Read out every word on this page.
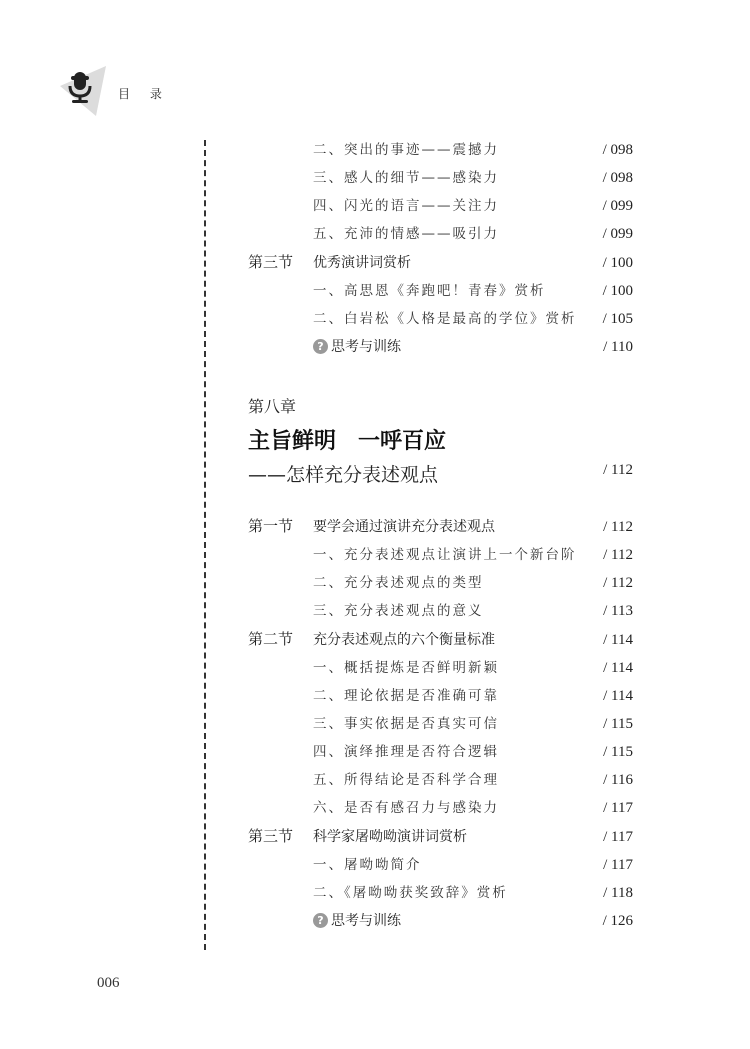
目 录
二、突出的事迹——震撼力	/ 098
三、感人的细节——感染力	/ 098
四、闪光的语言——关注力	/ 099
五、充沛的情感——吸引力	/ 099
第三节 优秀演讲词赏析	/ 100
一、高思恩《奔跑吧！青春》赏析	/ 100
二、白岩松《人格是最高的学位》赏析 / 105
? 思考与训练	/ 110
第八章
主旨鲜明　一呼百应
——怎样充分表述观点	/ 112
第一节 要学会通过演讲充分表述观点	/ 112
一、充分表述观点让演讲上一个新台阶 / 112
二、充分表述观点的类型	/ 112
三、充分表述观点的意义	/ 113
第二节 充分表述观点的六个衡量标准	/ 114
一、概括提炼是否鲜明新颖	/ 114
二、理论依据是否准确可靠	/ 114
三、事实依据是否真实可信	/ 115
四、演绎推理是否符合逻辑	/ 115
五、所得结论是否科学合理	/ 116
六、是否有感召力与感染力	/ 117
第三节 科学家屠呦呦演讲词赏析	/ 117
一、屠呦呦简介	/ 117
二、《屠呦呦获奖致辞》赏析	/ 118
? 思考与训练	/ 126
006
